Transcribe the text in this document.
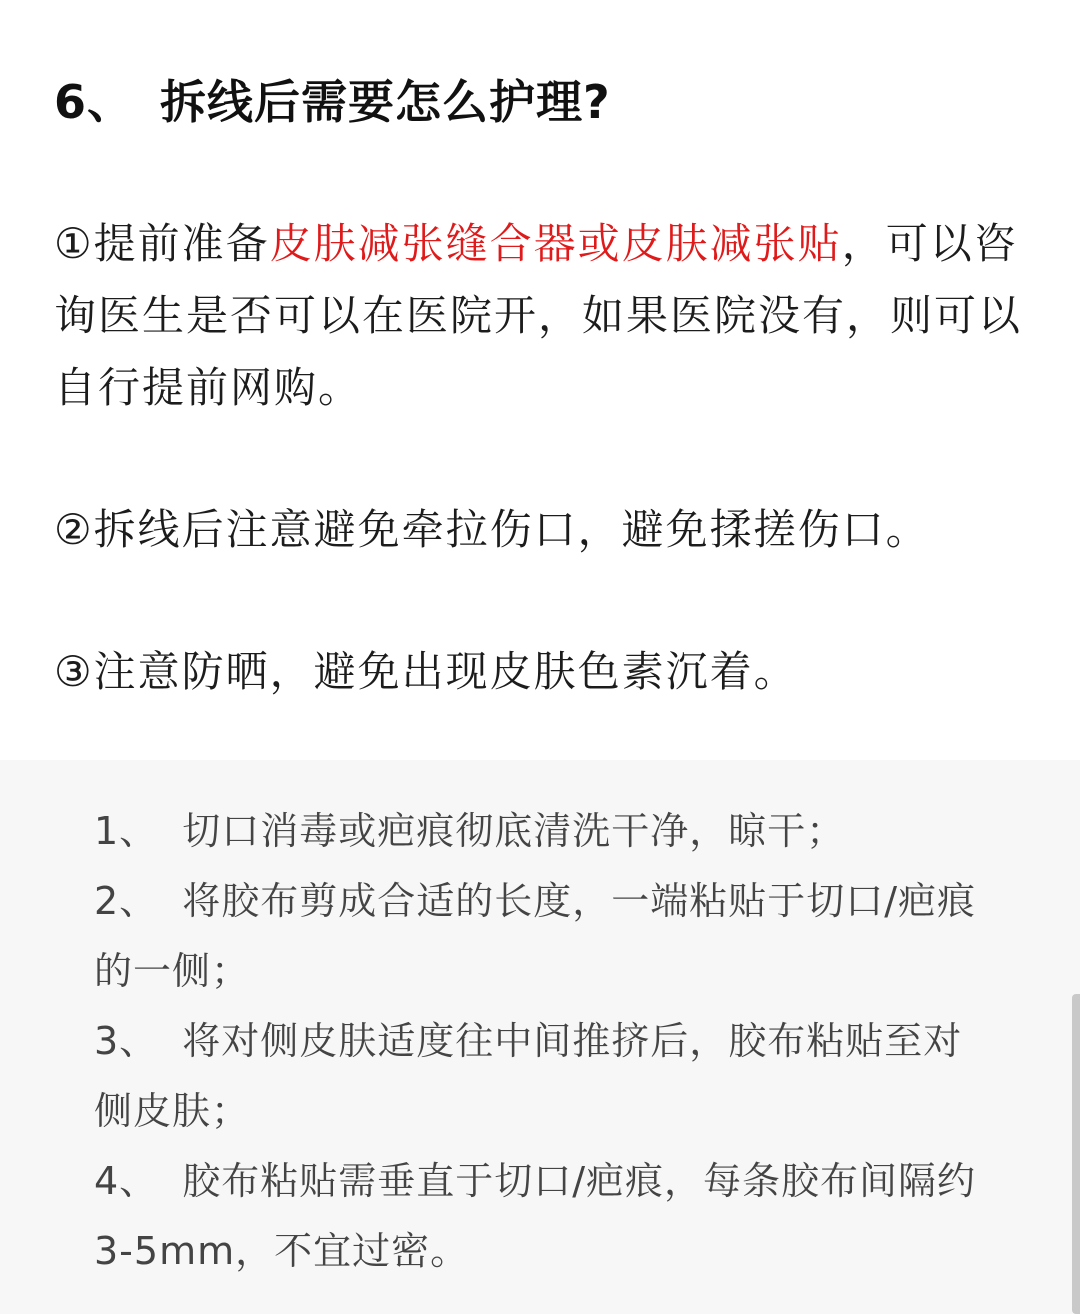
6、 拆线后需要怎么护理?

①提前准备皮肤减张缝合器或皮肤减张贴，可以咨询医生是否可以在医院开，如果医院没有，则可以自行提前网购。

②拆线后注意避免牵拉伤口，避免揉搓伤口。

③注意防晒，避免出现皮肤色素沉着。

1、 切口消毒或疤痕彻底清洗干净，晾干；
2、 将胶布剪成合适的长度，一端粘贴于切口/疤痕的一侧；
3、 将对侧皮肤适度往中间推挤后，胶布粘贴至对侧皮肤；
4、 胶布粘贴需垂直于切口/疤痕，每条胶布间隔约3-5mm，不宜过密。
